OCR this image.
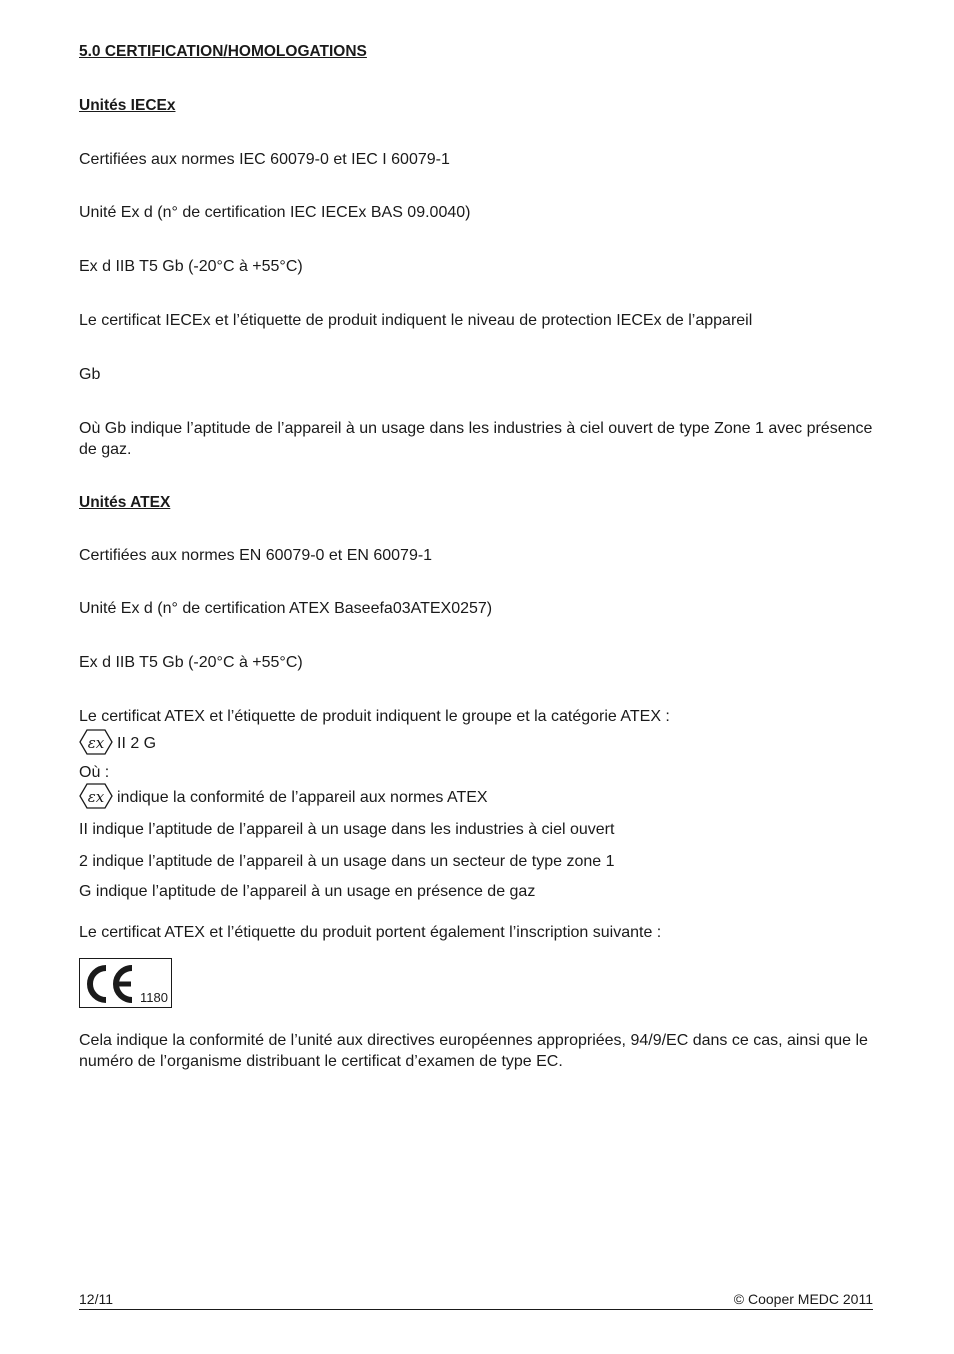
5.0 CERTIFICATION/HOMOLOGATIONS
Unités IECEx
Certifiées aux normes IEC 60079-0 et IEC I 60079-1
Unité Ex d (n° de certification IEC IECEx BAS 09.0040)
Ex d IIB T5 Gb (-20°C à +55°C)
Le certificat IECEx et l’étiquette de produit indiquent le niveau de protection IECEx de l’appareil
Gb
Où Gb indique l’aptitude de l’appareil à un usage dans les industries à ciel ouvert de type Zone 1 avec présence de gaz.
Unités ATEX
Certifiées aux normes EN 60079-0 et EN 60079-1
Unité Ex d (n° de certification ATEX Baseefa03ATEX0257)
Ex d IIB T5 Gb (-20°C à +55°C)
Le certificat ATEX et l’étiquette de produit indiquent le groupe et la catégorie ATEX :
εx II 2 G
Où :
εx indique la conformité de l’appareil aux normes ATEX
II indique l’aptitude de l’appareil à un usage dans les industries à ciel ouvert
2 indique l’aptitude de l’appareil à un usage dans un secteur de type zone 1
G indique l’aptitude de l’appareil à un usage en présence de gaz
Le certificat ATEX et l’étiquette du produit portent également l’inscription suivante :
1180
Cela indique la conformité de l’unité aux directives européennes appropriées, 94/9/EC dans ce cas, ainsi que le numéro de l’organisme distribuant le certificat d’examen de type EC.
12/11	© Cooper MEDC 2011
